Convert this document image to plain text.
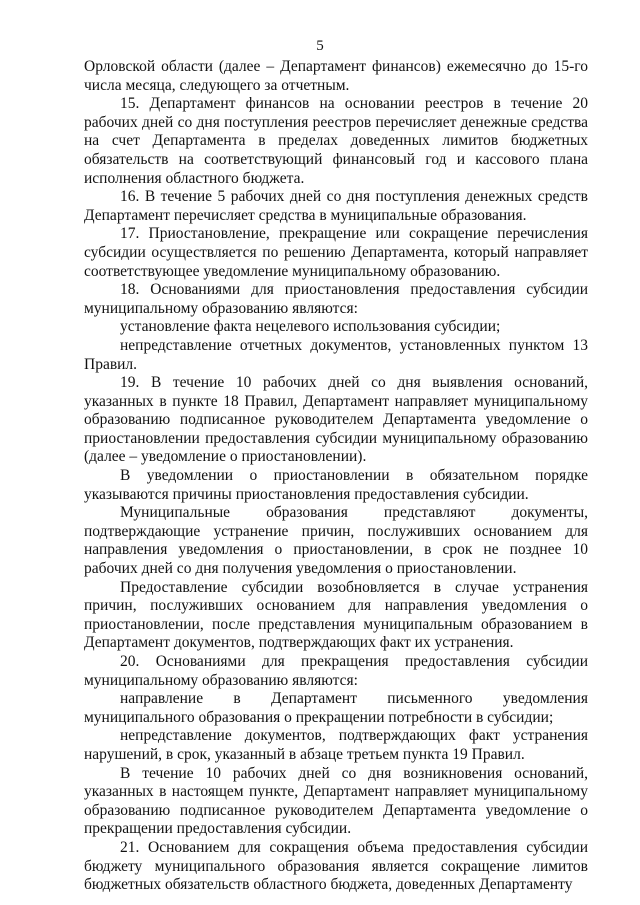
5

Орловской области (далее – Департамент финансов) ежемесячно до 15-го числа месяца, следующего за отчетным.

15. Департамент финансов на основании реестров в течение 20 рабочих дней со дня поступления реестров перечисляет денежные средства на счет Департамента в пределах доведенных лимитов бюджетных обязательств на соответствующий финансовый год и кассового плана исполнения областного бюджета.

16. В течение 5 рабочих дней со дня поступления денежных средств Департамент перечисляет средства в муниципальные образования.

17. Приостановление, прекращение или сокращение перечисления субсидии осуществляется по решению Департамента, который направляет соответствующее уведомление муниципальному образованию.

18. Основаниями для приостановления предоставления субсидии муниципальному образованию являются:

установление факта нецелевого использования субсидии;

непредставление отчетных документов, установленных пунктом 13 Правил.

19. В течение 10 рабочих дней со дня выявления оснований, указанных в пункте 18 Правил, Департамент направляет муниципальному образованию подписанное руководителем Департамента уведомление о приостановлении предоставления субсидии муниципальному образованию (далее – уведомление о приостановлении).

В уведомлении о приостановлении в обязательном порядке указываются причины приостановления предоставления субсидии.

Муниципальные образования представляют документы, подтверждающие устранение причин, послуживших основанием для направления уведомления о приостановлении, в срок не позднее 10 рабочих дней со дня получения уведомления о приостановлении.

Предоставление субсидии возобновляется в случае устранения причин, послуживших основанием для направления уведомления о приостановлении, после представления муниципальным образованием в Департамент документов, подтверждающих факт их устранения.

20. Основаниями для прекращения предоставления субсидии муниципальному образованию являются:

направление в Департамент письменного уведомления муниципального образования о прекращении потребности в субсидии;

непредставление документов, подтверждающих факт устранения нарушений, в срок, указанный в абзаце третьем пункта 19 Правил.

В течение 10 рабочих дней со дня возникновения оснований, указанных в настоящем пункте, Департамент направляет муниципальному образованию подписанное руководителем Департамента уведомление о прекращении предоставления субсидии.

21. Основанием для сокращения объема предоставления субсидии бюджету муниципального образования является сокращение лимитов бюджетных обязательств областного бюджета, доведенных Департаменту
